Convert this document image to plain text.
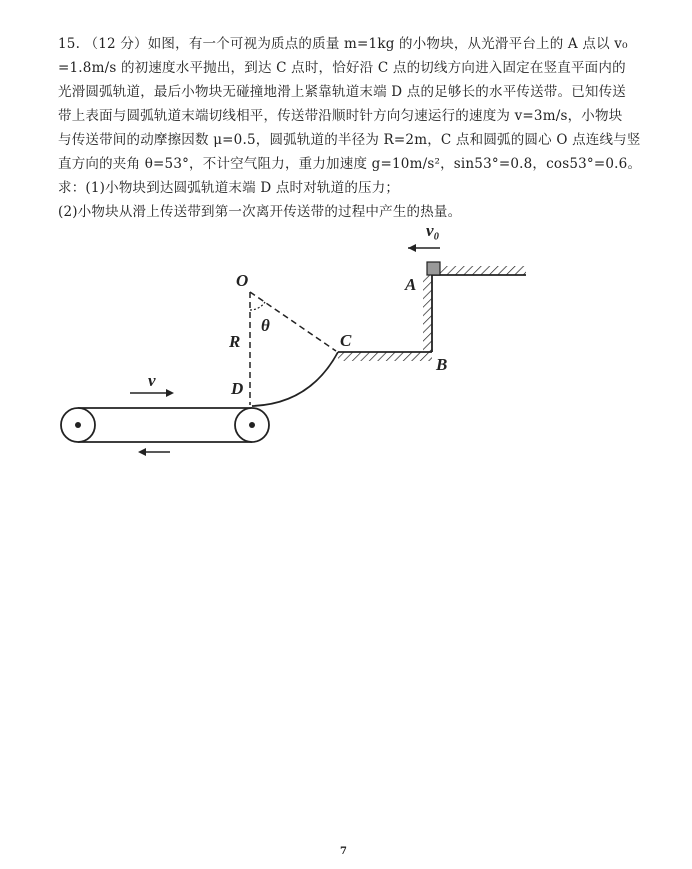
15. （12 分）如图，有一个可视为质点的质量 m=1kg 的小物块，从光滑平台上的 A 点以 v₀
=1.8m/s 的初速度水平抛出，到达 C 点时，恰好沿 C 点的切线方向进入固定在竖直平面内的
光滑圆弧轨道，最后小物块无碰撞地滑上紧靠轨道末端 D 点的足够长的水平传送带。已知传送
带上表面与圆弧轨道末端切线相平，传送带沿顺时针方向匀速运行的速度为 v=3m/s，小物块
与传送带间的动摩擦因数 μ=0.5，圆弧轨道的半径为 R=2m，C 点和圆弧的圆心 O 点连线与竖
直方向的夹角 θ=53°，不计空气阻力，重力加速度 g=10m/s²，sin53°=0.8，cos53°=0.6。
求：(1)小物块到达圆弧轨道末端 D 点时对轨道的压力；
(2)小物块从滑上传送带到第一次离开传送带的过程中产生的热量。
O
R
θ
C
D
A
B
v₀
v
7
